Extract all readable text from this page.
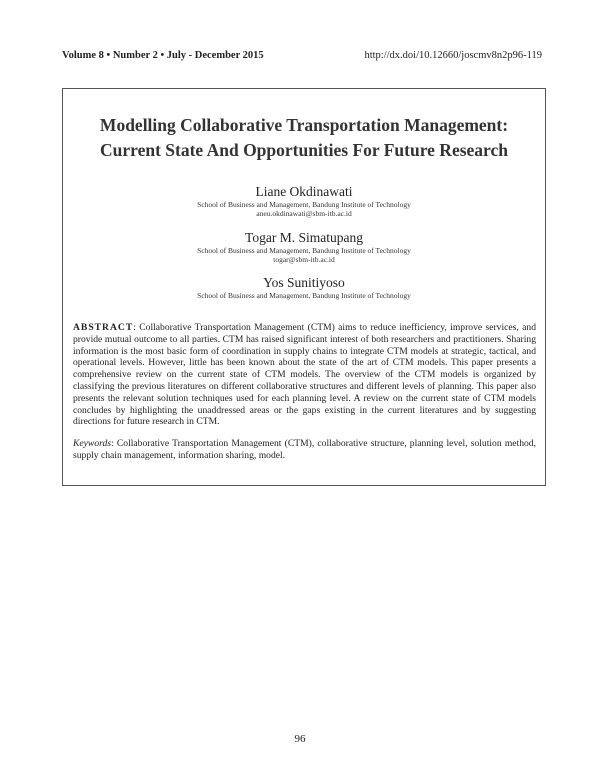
Volume 8 • Number 2 • July - December 2015	http://dx.doi/10.12660/joscmv8n2p96-119
Modelling Collaborative Transportation Management:
Current State And Opportunities For Future Research
Liane Okdinawati
School of Business and Management, Bandung Institute of Technology
aneu.okdinawati@sbm-itb.ac.id
Togar M. Simatupang
School of Business and Management, Bandung Institute of Technology
togar@sbm-itb.ac.id
Yos Sunitiyoso
School of Business and Management, Bandung Institute of Technology
ABSTRACT: Collaborative Transportation Management (CTM) aims to reduce inefficiency, improve services, and provide mutual outcome to all parties. CTM has raised significant interest of both researchers and practitioners. Sharing information is the most basic form of coordination in supply chains to integrate CTM models at strategic, tactical, and operational levels. However, little has been known about the state of the art of CTM models. This paper presents a comprehensive review on the current state of CTM models. The overview of the CTM models is organized by classifying the previous literatures on different collaborative structures and different levels of planning. This paper also presents the relevant solution techniques used for each planning level. A review on the current state of CTM models concludes by highlighting the unaddressed areas or the gaps existing in the current literatures and by suggesting directions for future research in CTM.
Keywords: Collaborative Transportation Management (CTM), collaborative structure, planning level, solution method, supply chain management, information sharing, model.
96
